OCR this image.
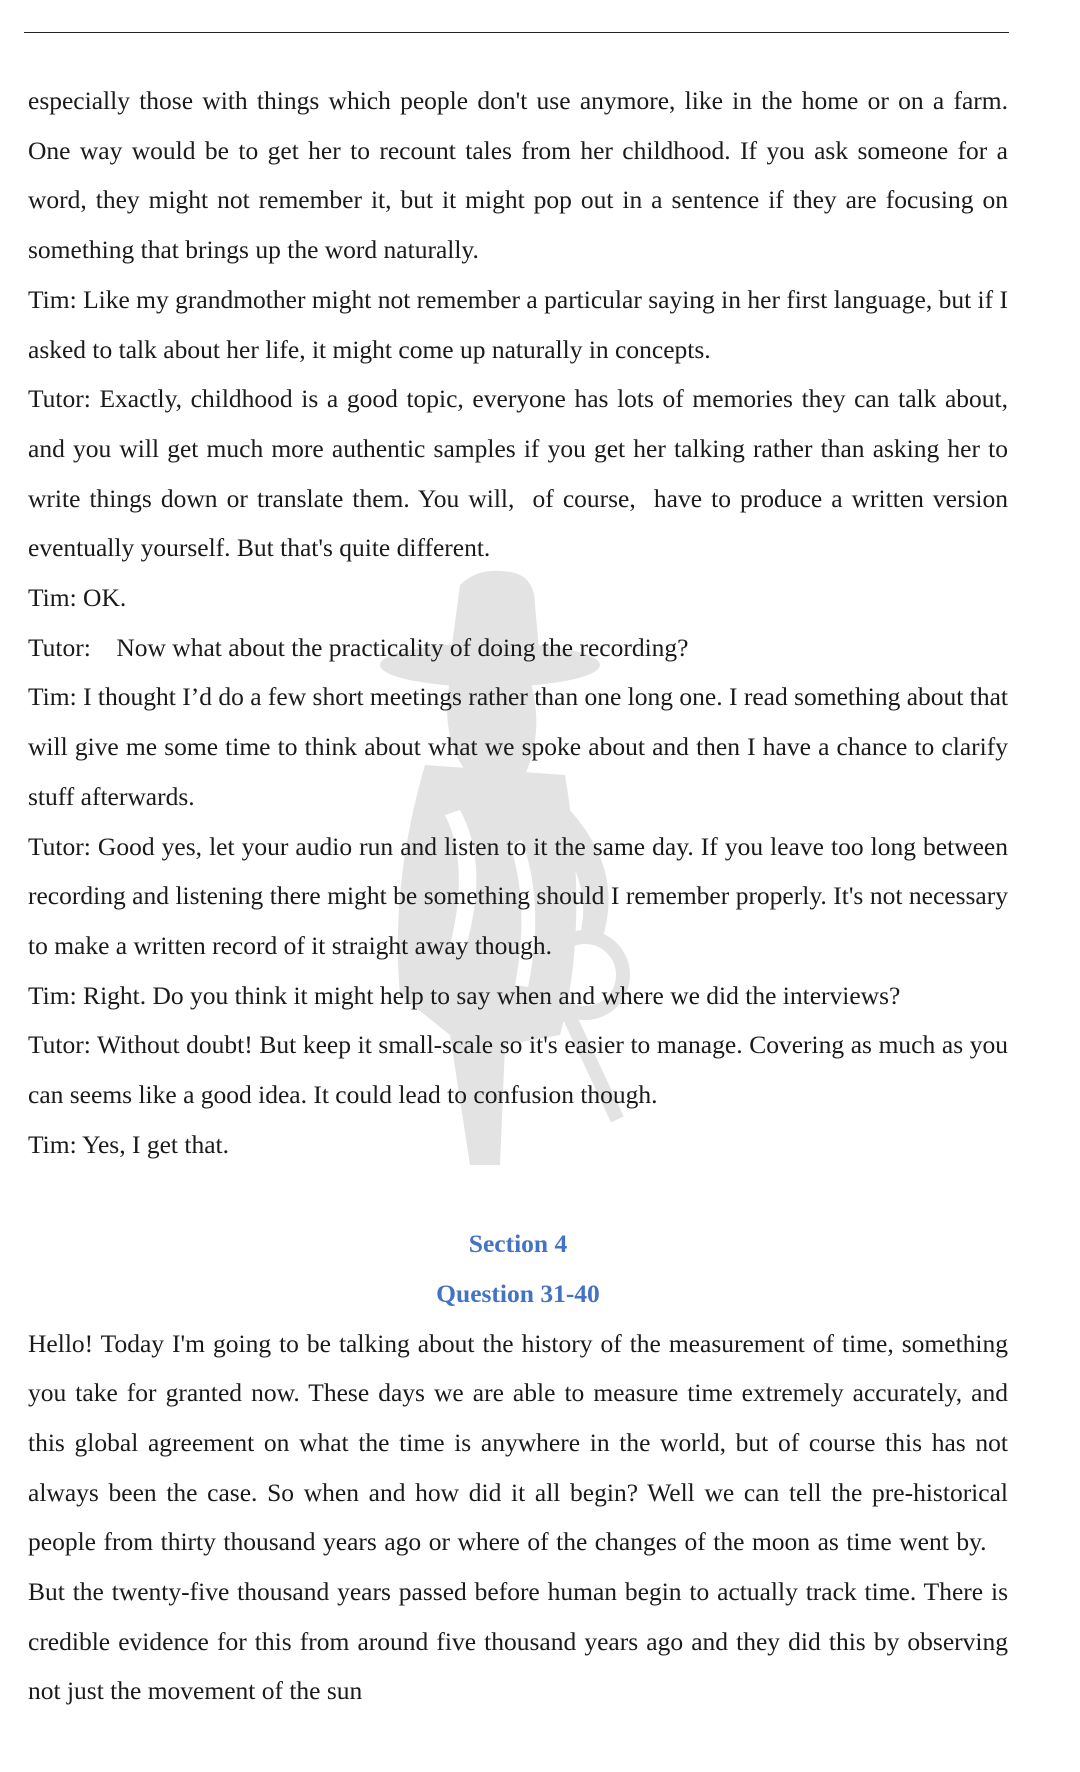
especially those with things which people don't use anymore, like in the home or on a farm. One way would be to get her to recount tales from her childhood. If you ask someone for a word, they might not remember it, but it might pop out in a sentence if they are focusing on something that brings up the word naturally.

Tim: Like my grandmother might not remember a particular saying in her first language, but if I asked to talk about her life, it might come up naturally in concepts.

Tutor: Exactly, childhood is a good topic, everyone has lots of memories they can talk about, and you will get much more authentic samples if you get her talking rather than asking her to write things down or translate them. You will,  of course,  have to produce a written version eventually yourself. But that's quite different.

Tim: OK.

Tutor:    Now what about the practicality of doing the recording?

Tim: I thought I’d do a few short meetings rather than one long one. I read something about that will give me some time to think about what we spoke about and then I have a chance to clarify stuff afterwards.

Tutor: Good yes, let your audio run and listen to it the same day. If you leave too long between recording and listening there might be something should I remember properly. It's not necessary to make a written record of it straight away though.

Tim: Right. Do you think it might help to say when and where we did the interviews?

Tutor: Without doubt! But keep it small-scale so it's easier to manage. Covering as much as you can seems like a good idea. It could lead to confusion though.

Tim: Yes, I get that.

Section 4

Question 31-40

Hello! Today I'm going to be talking about the history of the measurement of time, something you take for granted now. These days we are able to measure time extremely accurately, and this global agreement on what the time is anywhere in the world, but of course this has not always been the case. So when and how did it all begin? Well we can tell the pre-historical people from thirty thousand years ago or where of the changes of the moon as time went by.    But the twenty-five thousand years passed before human begin to actually track time. There is credible evidence for this from around five thousand years ago and they did this by observing not just the movement of the sun
